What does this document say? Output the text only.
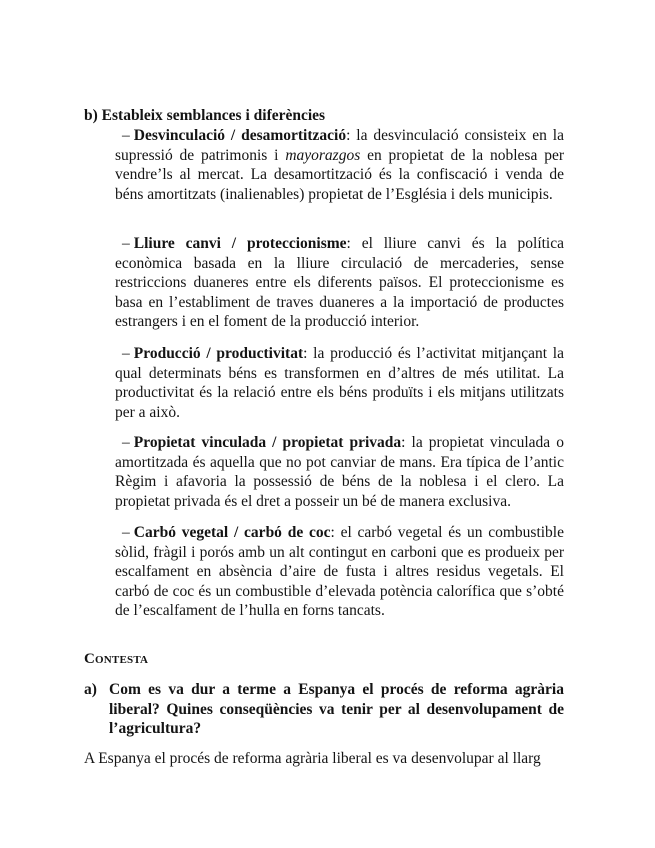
b) Estableix semblances i diferències

– Desvinculació / desamortització: la desvinculació consisteix en la supressió de patrimonis i mayorazgos en propietat de la noblesa per vendre’ls al mercat. La desamortització és la confiscació i venda de béns amortitzats (inalienables) propietat de l’Església i dels municipis.

– Lliure canvi / proteccionisme: el lliure canvi és la política econòmica basada en la lliure circulació de mercaderies, sense restriccions duaneres entre els diferents països. El proteccionisme es basa en l’establiment de traves duaneres a la importació de productes estrangers i en el foment de la producció interior.

– Producció / productivitat: la producció és l’activitat mitjançant la qual determinats béns es transformen en d’altres de més utilitat. La productivitat és la relació entre els béns produïts i els mitjans utilitzats per a això.

– Propietat vinculada / propietat privada: la propietat vinculada o amortitzada és aquella que no pot canviar de mans. Era típica de l’antic Règim i afavoria la possessió de béns de la noblesa i el clero. La propietat privada és el dret a posseir un bé de manera exclusiva.

– Carbó vegetal / carbó de coc: el carbó vegetal és un combustible sòlid, fràgil i porós amb un alt contingut en carboni que es produeix per escalfament en absència d’aire de fusta i altres residus vegetals. El carbó de coc és un combustible d’elevada potència calorífica que s’obté de l’escalfament de l’hulla en forns tancats.

Contesta
a) Com es va dur a terme a Espanya el procés de reforma agrària liberal? Quines conseqüències va tenir per al desenvolupament de l’agricultura?
A Espanya el procés de reforma agrària liberal es va desenvolupar al llarg
